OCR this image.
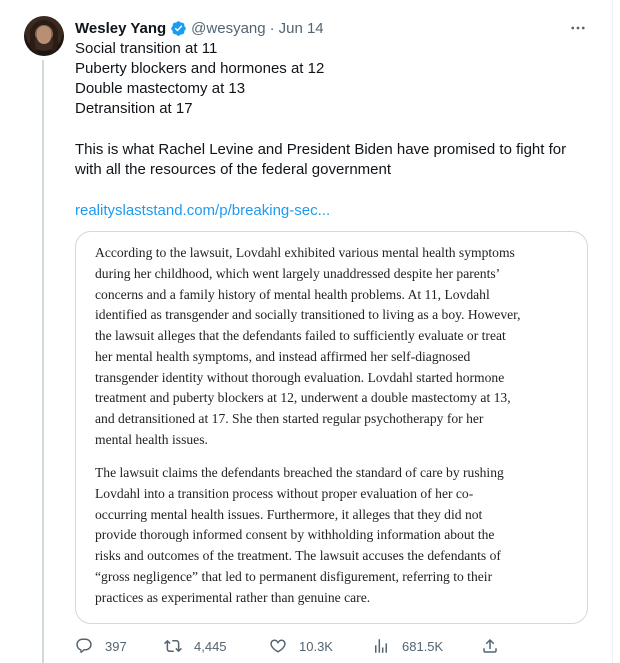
Wesley Yang @wesyang · Jun 14
Social transition at 11
Puberty blockers and hormones at 12
Double mastectomy at 13
Detransition at 17
This is what Rachel Levine and President Biden have promised to fight for
with all the resources of the federal government
realityslaststand.com/p/breaking-sec...
According to the lawsuit, Lovdahl exhibited various mental health symptoms
during her childhood, which went largely unaddressed despite her parents’
concerns and a family history of mental health problems. At 11, Lovdahl
identified as transgender and socially transitioned to living as a boy. However,
the lawsuit alleges that the defendants failed to sufficiently evaluate or treat
her mental health symptoms, and instead affirmed her self-diagnosed
transgender identity without thorough evaluation. Lovdahl started hormone
treatment and puberty blockers at 12, underwent a double mastectomy at 13,
and detransitioned at 17. She then started regular psychotherapy for her
mental health issues.
The lawsuit claims the defendants breached the standard of care by rushing
Lovdahl into a transition process without proper evaluation of her co-
occurring mental health issues. Furthermore, it alleges that they did not
provide thorough informed consent by withholding information about the
risks and outcomes of the treatment. The lawsuit accuses the defendants of
“gross negligence” that led to permanent disfigurement, referring to their
practices as experimental rather than genuine care.
397	4,445	10.3K	681.5K
